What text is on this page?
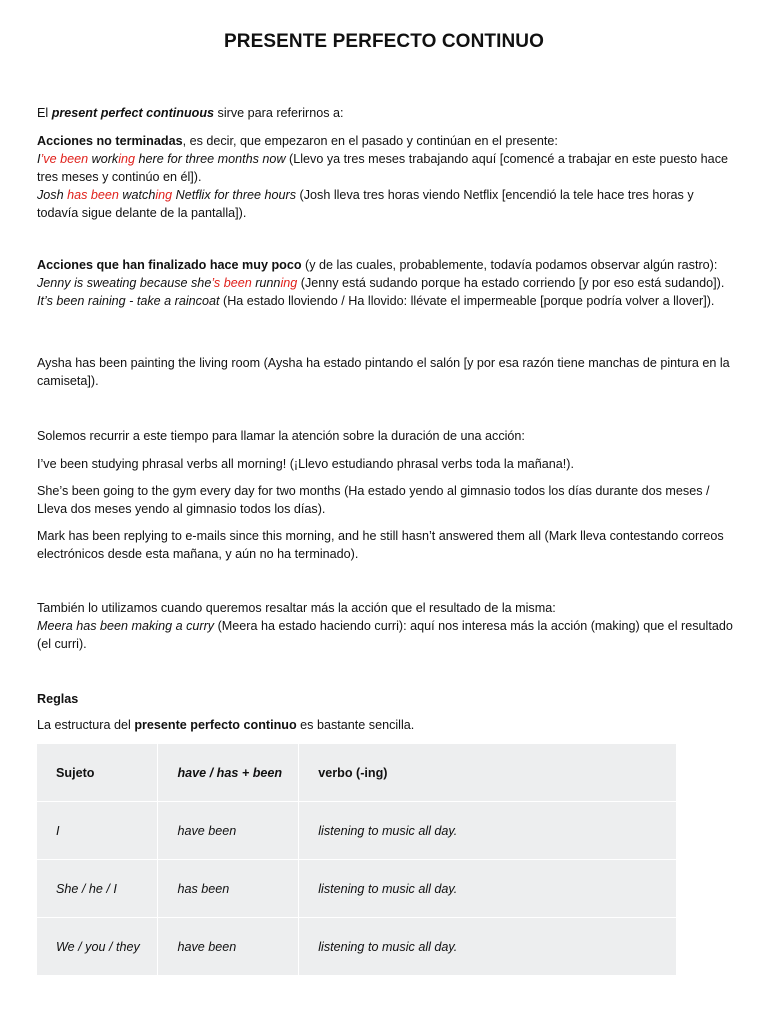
PRESENTE PERFECTO CONTINUO

El present perfect continuous sirve para referirnos a:

Acciones no terminadas, es decir, que empezaron en el pasado y continúan en el presente:
I’ve been working here for three months now (Llevo ya tres meses trabajando aquí [comencé a trabajar en este puesto hace tres meses y continúo en él]).
Josh has been watching Netflix for three hours (Josh lleva tres horas viendo Netflix [encendió la tele hace tres horas y todavía sigue delante de la pantalla]).

Acciones que han finalizado hace muy poco (y de las cuales, probablemente, todavía podamos observar algún rastro):
Jenny is sweating because she’s been running (Jenny está sudando porque ha estado corriendo [y por eso está sudando]).
It’s been raining - take a raincoat (Ha estado lloviendo / Ha llovido: llévate el impermeable [porque podría volver a llover]).

Aysha has been painting the living room (Aysha ha estado pintando el salón [y por esa razón tiene manchas de pintura en la camiseta]).

Solemos recurrir a este tiempo para llamar la atención sobre la duración de una acción:

I’ve been studying phrasal verbs all morning! (¡Llevo estudiando phrasal verbs toda la mañana!).

She’s been going to the gym every day for two months (Ha estado yendo al gimnasio todos los días durante dos meses / Lleva dos meses yendo al gimnasio todos los días).

Mark has been replying to e-mails since this morning, and he still hasn’t answered them all (Mark lleva contestando correos electrónicos desde esta mañana, y aún no ha terminado).

También lo utilizamos cuando queremos resaltar más la acción que el resultado de la misma:
Meera has been making a curry (Meera ha estado haciendo curri): aquí nos interesa más la acción (making) que el resultado (el curri).

Reglas

La estructura del presente perfecto continuo es bastante sencilla.

Sujeto	have / has + been	verbo (-ing)
I	have been	listening to music all day.
She / he / I	has been	listening to music all day.
We / you / they	have been	listening to music all day.
